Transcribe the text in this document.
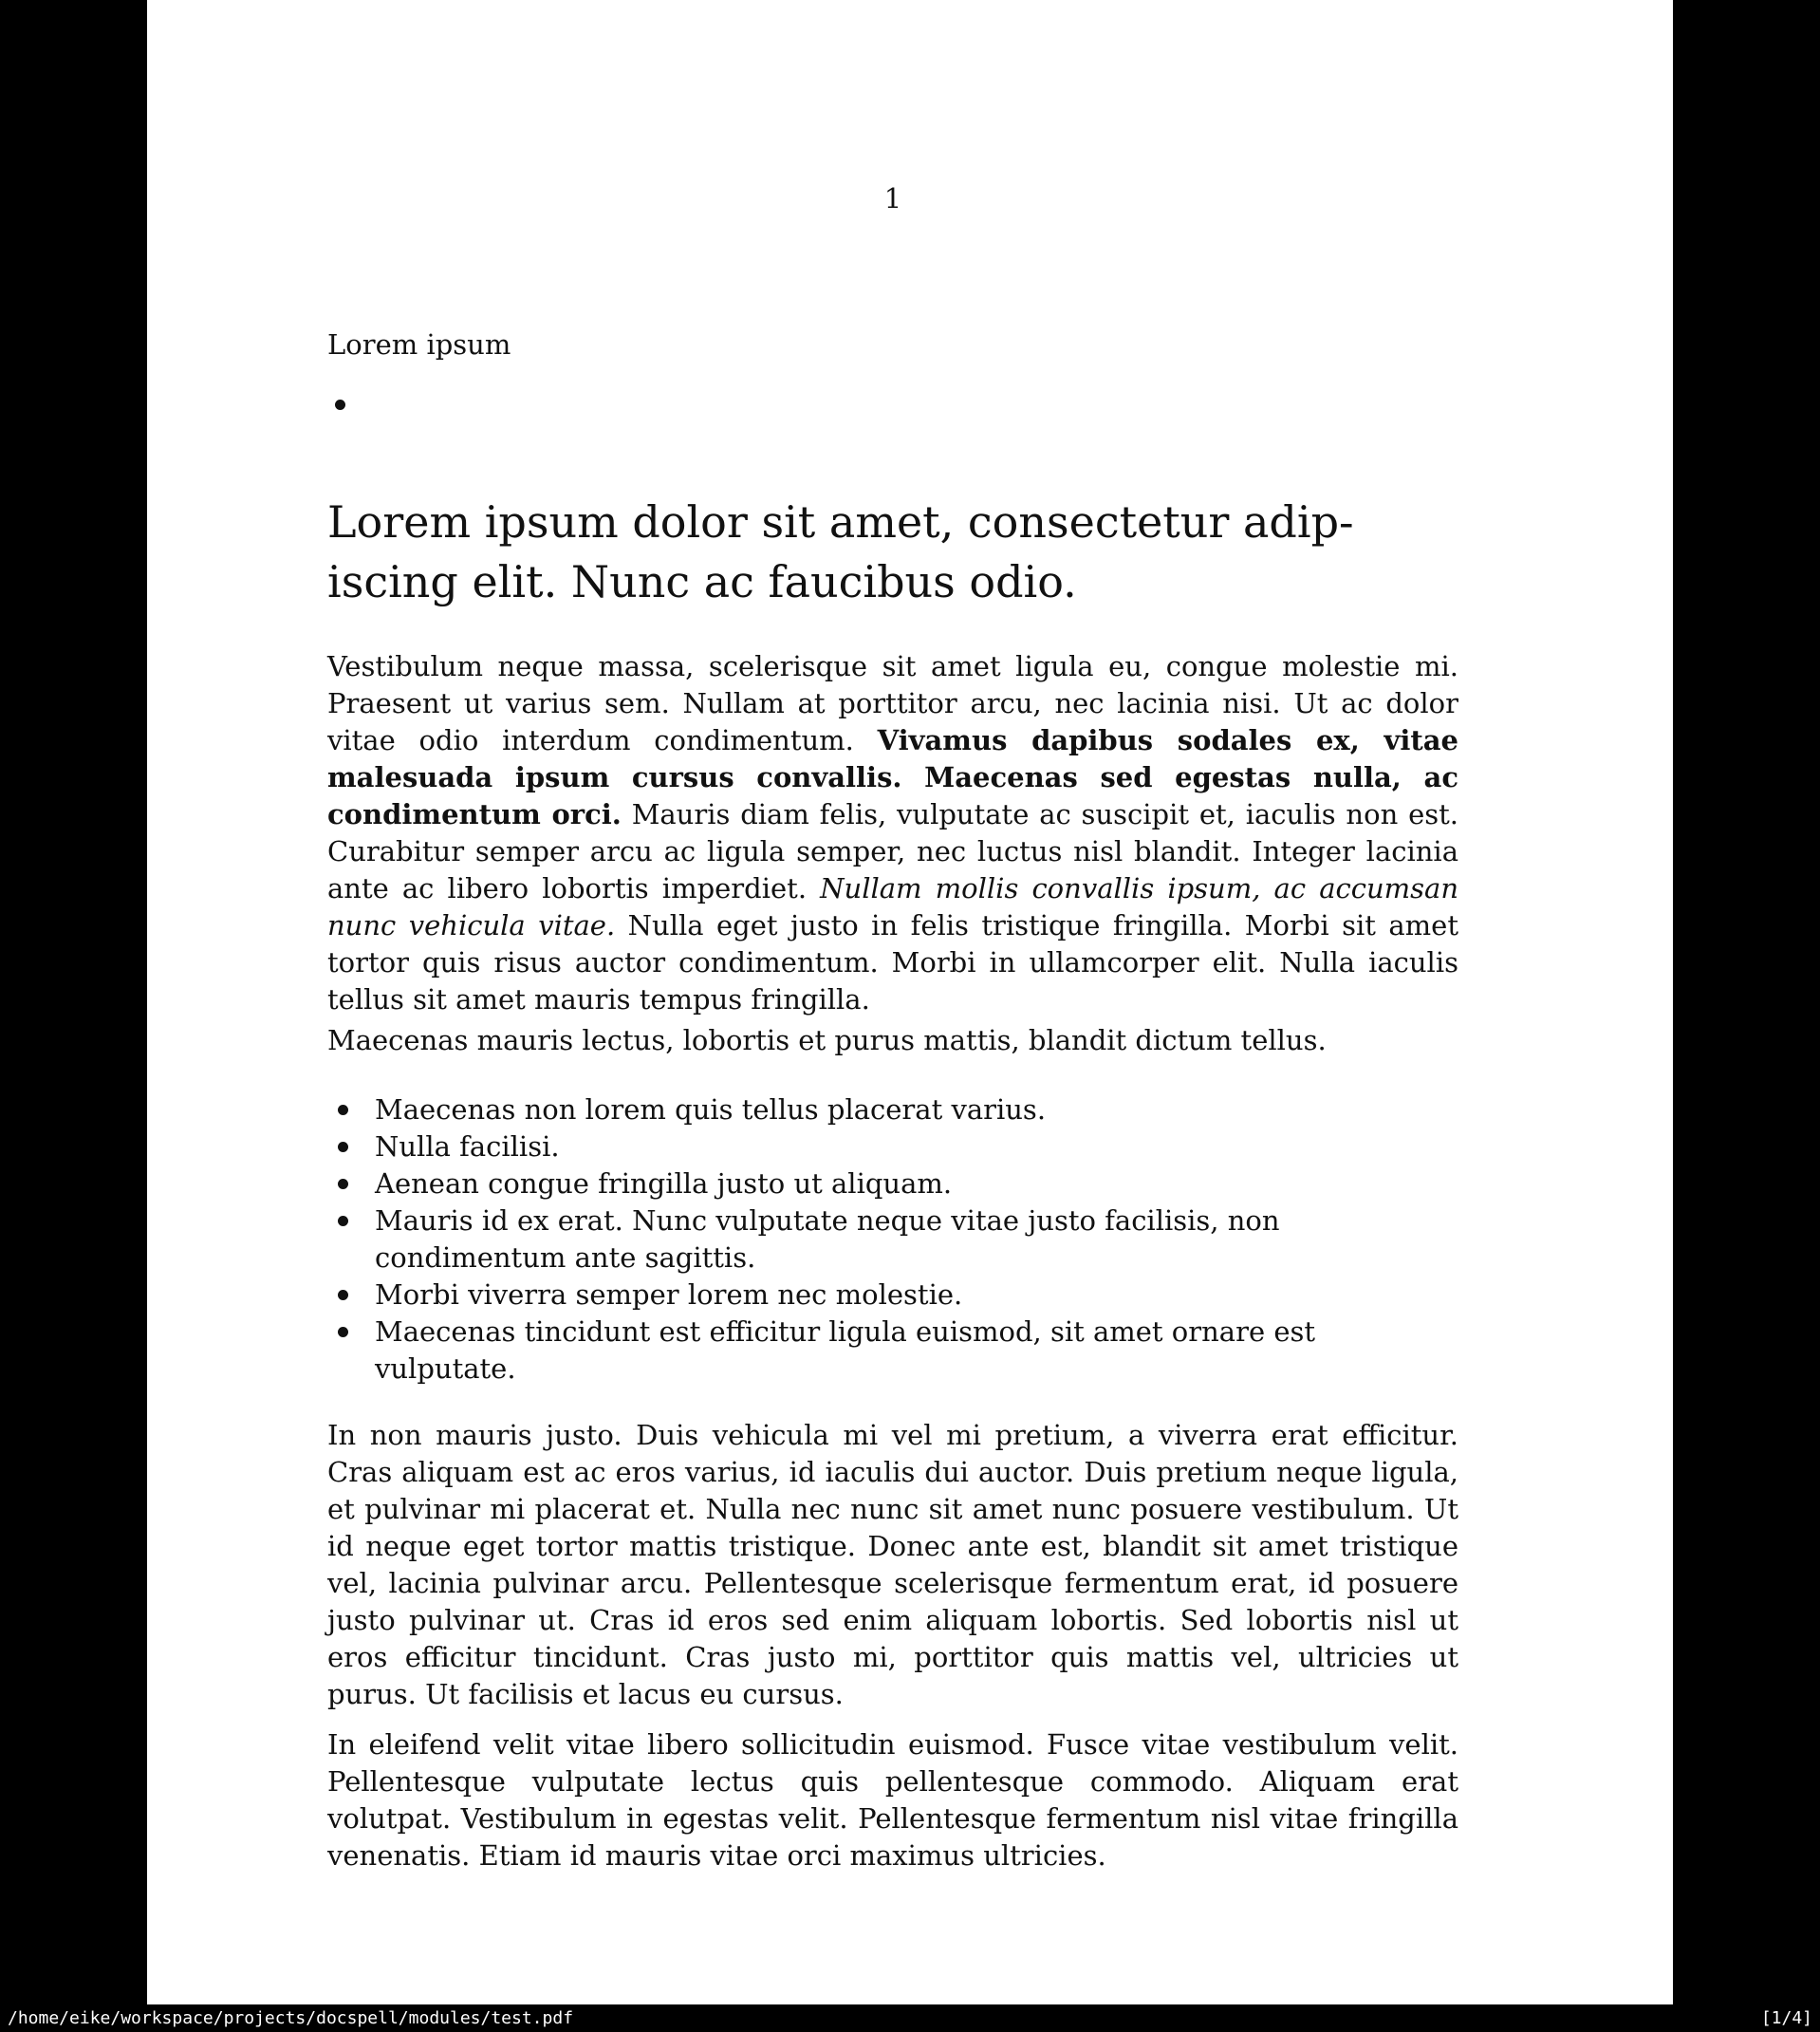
1
Lorem ipsum
Lorem ipsum dolor sit amet, consectetur adip-
iscing elit. Nunc ac faucibus odio.
Vestibulum neque massa, scelerisque sit amet ligula eu, congue molestie mi. Praesent ut varius sem. Nullam at porttitor arcu, nec lacinia nisi. Ut ac dolor vitae odio interdum condimentum. Vivamus dapibus sodales ex, vitae malesuada ipsum cursus convallis. Maecenas sed egestas nulla, ac condimentum orci. Mauris diam felis, vulputate ac suscipit et, iaculis non est. Curabitur semper arcu ac ligula semper, nec luctus nisl blandit. Integer lacinia ante ac libero lobortis imperdiet. Nullam mollis convallis ipsum, ac accumsan nunc vehicula vitae. Nulla eget justo in felis tristique fringilla. Morbi sit amet tortor quis risus auctor condimentum. Morbi in ullamcorper elit. Nulla iaculis tellus sit amet mauris tempus fringilla.
Maecenas mauris lectus, lobortis et purus mattis, blandit dictum tellus.
Maecenas non lorem quis tellus placerat varius.
Nulla facilisi.
Aenean congue fringilla justo ut aliquam.
Mauris id ex erat. Nunc vulputate neque vitae justo facilisis, non condimentum ante sagittis.
Morbi viverra semper lorem nec molestie.
Maecenas tincidunt est efficitur ligula euismod, sit amet ornare est vulputate.
In non mauris justo. Duis vehicula mi vel mi pretium, a viverra erat efficitur. Cras aliquam est ac eros varius, id iaculis dui auctor. Duis pretium neque ligula, et pulvinar mi placerat et. Nulla nec nunc sit amet nunc posuere vestibulum. Ut id neque eget tortor mattis tristique. Donec ante est, blandit sit amet tristique vel, lacinia pulvinar arcu. Pellentesque scelerisque fermentum erat, id posuere justo pulvinar ut. Cras id eros sed enim aliquam lobortis. Sed lobortis nisl ut eros efficitur tincidunt. Cras justo mi, porttitor quis mattis vel, ultricies ut purus. Ut facilisis et lacus eu cursus.
In eleifend velit vitae libero sollicitudin euismod. Fusce vitae vestibulum velit. Pellentesque vulputate lectus quis pellentesque commodo. Aliquam erat volutpat. Vestibulum in egestas velit. Pellentesque fermentum nisl vitae fringilla venenatis. Etiam id mauris vitae orci maximus ultricies.
/home/eike/workspace/projects/docspell/modules/test.pdf	[1/4]
